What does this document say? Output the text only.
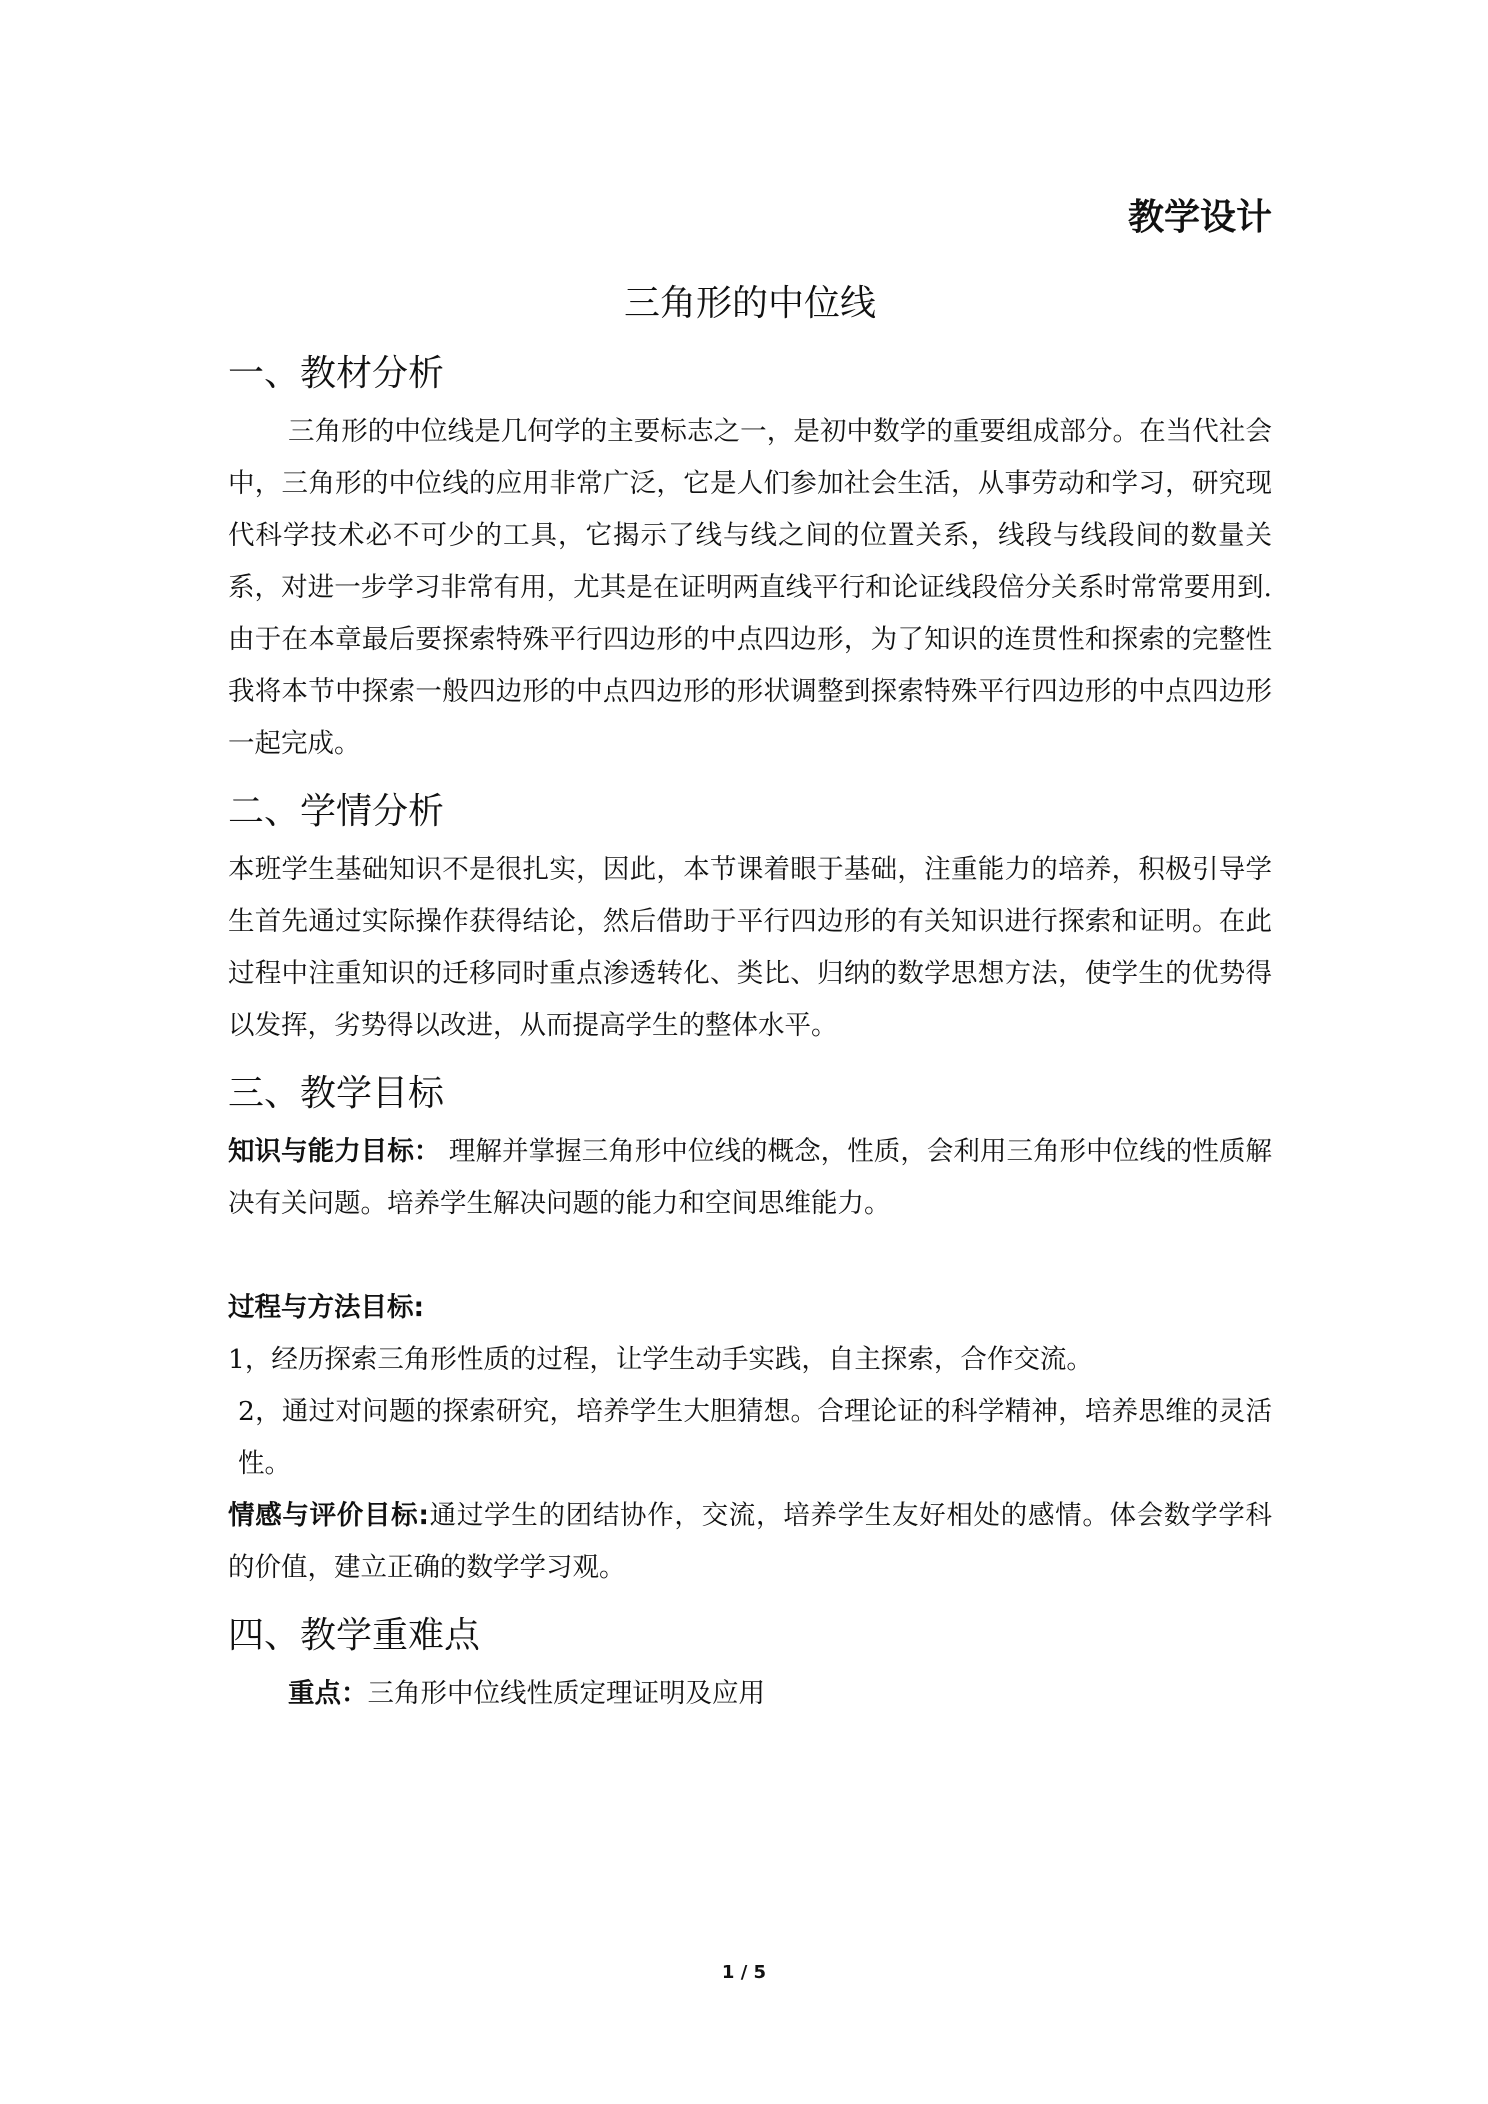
教学设计

三角形的中位线
一、教材分析

三角形的中位线是几何学的主要标志之一，是初中数学的重要组成部分。在当代社会中，三角形的中位线的应用非常广泛，它是人们参加社会生活，从事劳动和学习，研究现代科学技术必不可少的工具，它揭示了线与线之间的位置关系，线段与线段间的数量关系，对进一步学习非常有用，尤其是在证明两直线平行和论证线段倍分关系时常常要用到.由于在本章最后要探索特殊平行四边形的中点四边形，为了知识的连贯性和探索的完整性我将本节中探索一般四边形的中点四边形的形状调整到探索特殊平行四边形的中点四边形一起完成。

二、学情分析

本班学生基础知识不是很扎实，因此，本节课着眼于基础，注重能力的培养，积极引导学生首先通过实际操作获得结论，然后借助于平行四边形的有关知识进行探索和证明。在此过程中注重知识的迁移同时重点渗透转化、类比、归纳的数学思想方法，使学生的优势得以发挥，劣势得以改进，从而提高学生的整体水平。

三、教学目标

知识与能力目标： 理解并掌握三角形中位线的概念，性质，会利用三角形中位线的性质解决有关问题。培养学生解决问题的能力和空间思维能力。

过程与方法目标:

1，经历探索三角形性质的过程，让学生动手实践，自主探索，合作交流。

2，通过对问题的探索研究，培养学生大胆猜想。合理论证的科学精神，培养思维的灵活性。

情感与评价目标:通过学生的团结协作，交流，培养学生友好相处的感情。体会数学学科的价值，建立正确的数学学习观。

四、教学重难点

重点：三角形中位线性质定理证明及应用

1 / 5
